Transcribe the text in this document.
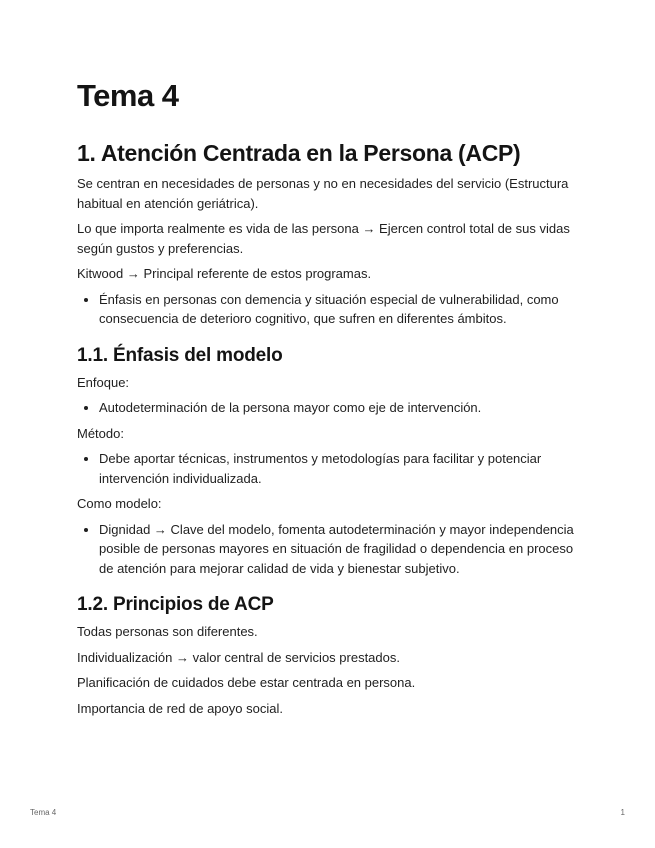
Tema 4
1. Atención Centrada en la Persona (ACP)

Se centran en necesidades de personas y no en necesidades del servicio (Estructura habitual en atención geriátrica).

Lo que importa realmente es vida de las persona → Ejercen control total de sus vidas según gustos y preferencias.

Kitwood → Principal referente de estos programas.

• Énfasis en personas con demencia y situación especial de vulnerabilidad, como consecuencia de deterioro cognitivo, que sufren en diferentes ámbitos.
1.1. Énfasis del modelo

Enfoque:

• Autodeterminación de la persona mayor como eje de intervención.

Método:

• Debe aportar técnicas, instrumentos y metodologías para facilitar y potenciar intervención individualizada.

Como modelo:

• Dignidad → Clave del modelo, fomenta autodeterminación y mayor independencia posible de personas mayores en situación de fragilidad o dependencia en proceso de atención para mejorar calidad de vida y bienestar subjetivo.
1.2. Principios de ACP

Todas personas son diferentes.

Individualización → valor central de servicios prestados.

Planificación de cuidados debe estar centrada en persona.

Importancia de red de apoyo social.

Tema 4	1
